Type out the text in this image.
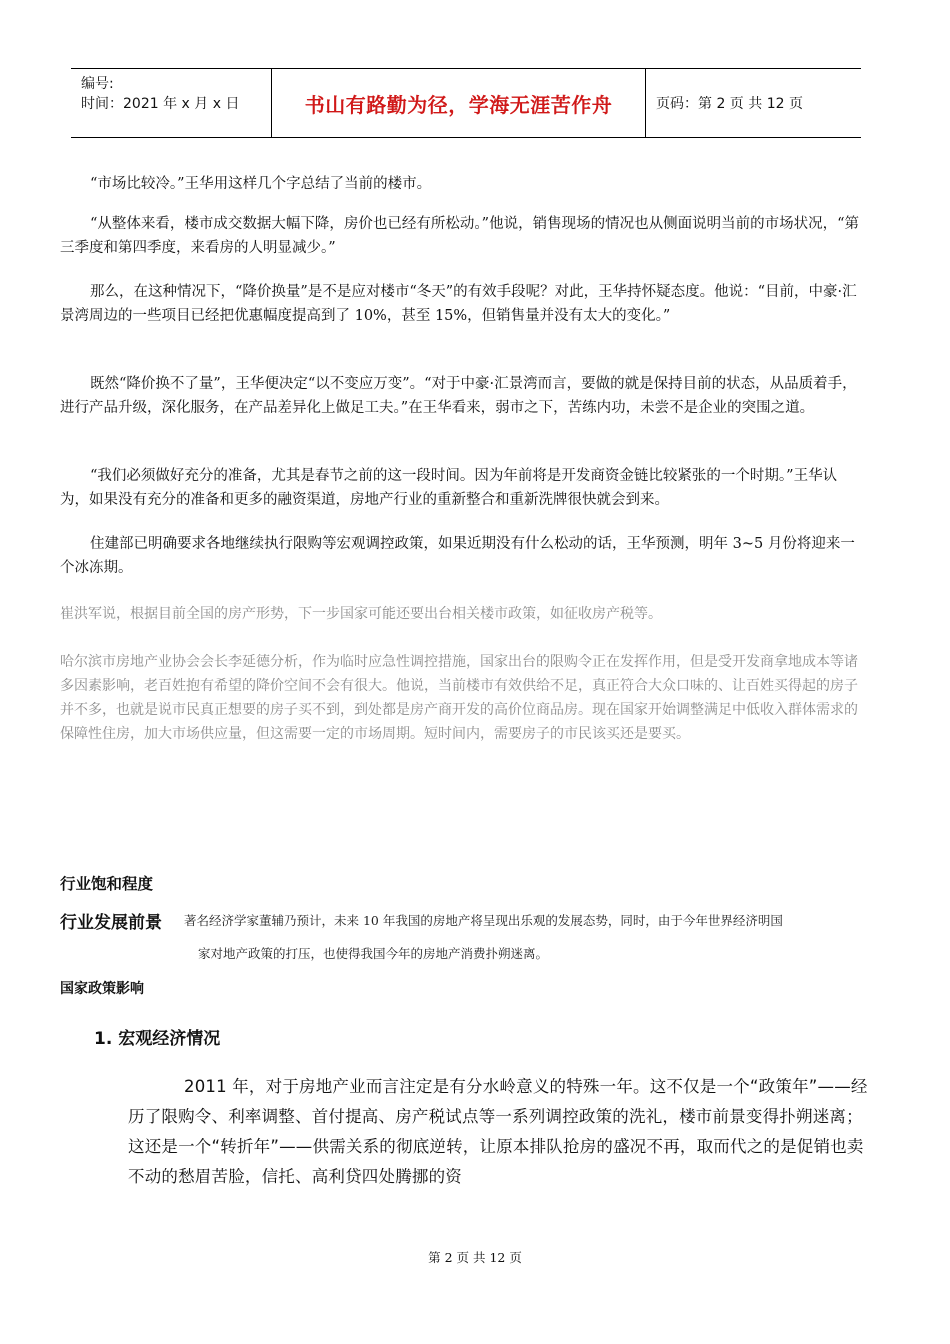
编号:
时间：2021 年 x 月 x 日	书山有路勤为径，学海无涯苦作舟	页码：第 2 页 共 12 页

“市场比较冷。”王华用这样几个字总结了当前的楼市。

“从整体来看，楼市成交数据大幅下降，房价也已经有所松动。”他说，销售现场的情况也从侧面说明当前的市场状况，“第三季度和第四季度，来看房的人明显减少。”

那么，在这种情况下，“降价换量”是不是应对楼市“冬天”的有效手段呢？对此，王华持怀疑态度。他说：“目前，中豪·汇景湾周边的一些项目已经把优惠幅度提高到了 10%，甚至 15%，但销售量并没有太大的变化。”

既然“降价换不了量”，王华便决定“以不变应万变”。“对于中豪·汇景湾而言，要做的就是保持目前的状态，从品质着手，进行产品升级，深化服务，在产品差异化上做足工夫。”在王华看来，弱市之下，苦练内功，未尝不是企业的突围之道。

“我们必须做好充分的准备，尤其是春节之前的这一段时间。因为年前将是开发商资金链比较紧张的一个时期。”王华认为，如果没有充分的准备和更多的融资渠道，房地产行业的重新整合和重新洗牌很快就会到来。

住建部已明确要求各地继续执行限购等宏观调控政策，如果近期没有什么松动的话，王华预测，明年 3~5 月份将迎来一个冰冻期。

崔洪军说，根据目前全国的房产形势，下一步国家可能还要出台相关楼市政策，如征收房产税等。

哈尔滨市房地产业协会会长李延德分析，作为临时应急性调控措施，国家出台的限购令正在发挥作用，但是受开发商拿地成本等诸多因素影响，老百姓抱有希望的降价空间不会有很大。他说，当前楼市有效供给不足，真正符合大众口味的、让百姓买得起的房子并不多，也就是说市民真正想要的房子买不到，到处都是房产商开发的高价位商品房。现在国家开始调整满足中低收入群体需求的保障性住房，加大市场供应量，但这需要一定的市场周期。短时间内，需要房子的市民该买还是要买。

行业饱和程度

行业发展前景 著名经济学家董辅乃预计，未来 10 年我国的房地产将呈现出乐观的发展态势，同时，由于今年世界经济明国

家对地产政策的打压，也使得我国今年的房地产消费扑朔迷离。

国家政策影响

1. 宏观经济情况

2011 年，对于房地产业而言注定是有分水岭意义的特殊一年。这不仅是一个“政策年”——经历了限购令、利率调整、首付提高、房产税试点等一系列调控政策的洗礼，楼市前景变得扑朔迷离；这还是一个“转折年”——供需关系的彻底逆转，让原本排队抢房的盛况不再，取而代之的是促销也卖不动的愁眉苦脸，信托、高利贷四处腾挪的资

第 2 页 共 12 页
